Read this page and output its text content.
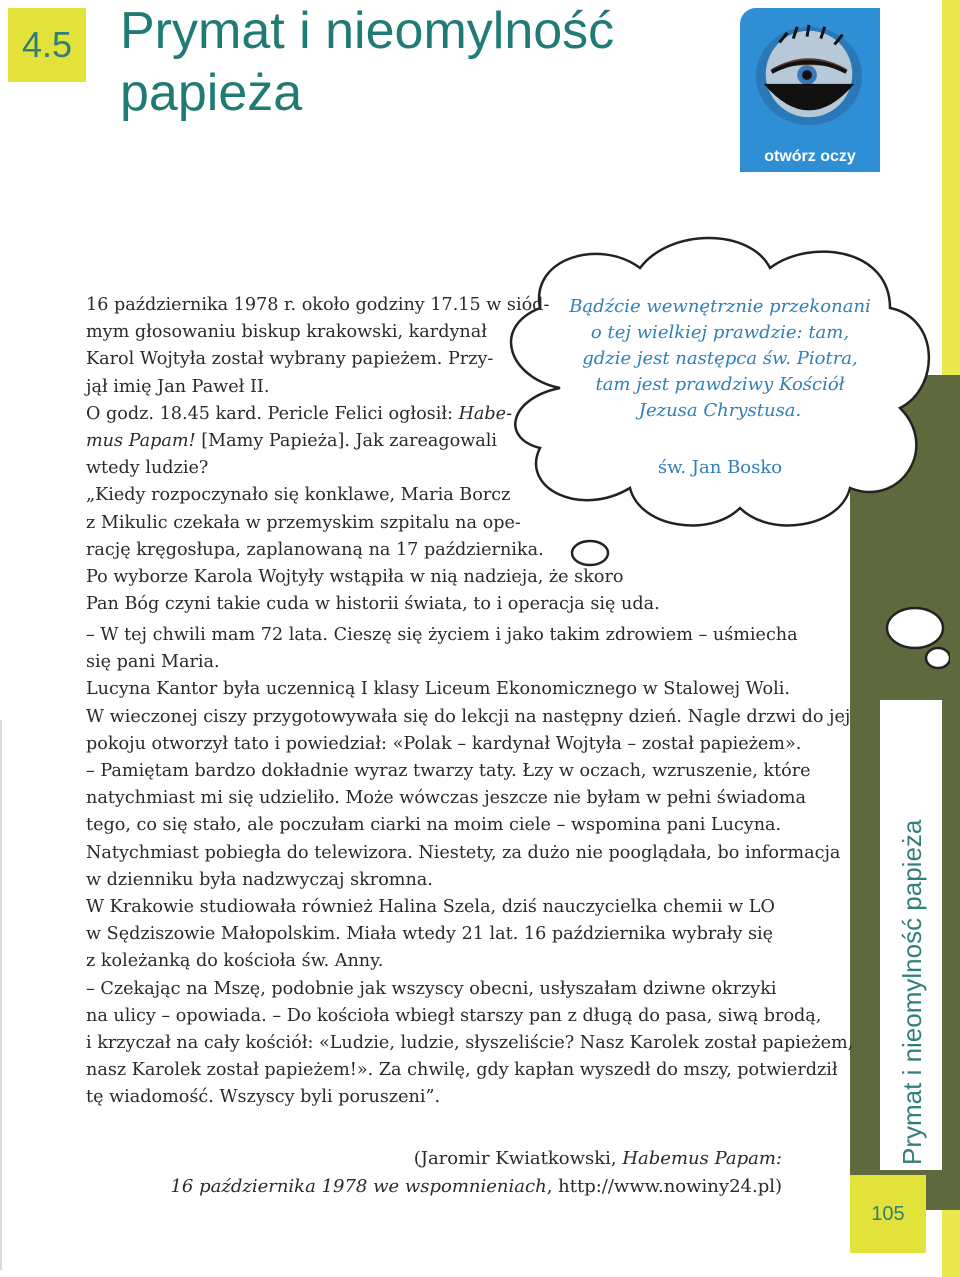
Prymat i nieomylność papieża
105
4.5 Prymat i nieomylność
papieża
otwórz oczy
Bądźcie wewnętrznie przekonani
o tej wielkiej prawdzie: tam,
gdzie jest następca św. Piotra,
tam jest prawdziwy Kościół
Jezusa Chrystusa.
św. Jan Bosko
16 października 1978 r. około godziny 17.15 w siód-
mym głosowaniu biskup krakowski, kardynał
Karol Wojtyła został wybrany papieżem. Przy-
jął imię Jan Paweł II.
O godz. 18.45 kard. Pericle Felici ogłosił: Habe-
mus Papam! [Mamy Papieża]. Jak zareagowali
wtedy ludzie?
„Kiedy rozpoczynało się konklawe, Maria Borcz
z Mikulic czekała w przemyskim szpitalu na ope-
rację kręgosłupa, zaplanowaną na 17 października.
Po wyborze Karola Wojtyły wstąpiła w nią nadzieja, że skoro
Pan Bóg czyni takie cuda w historii świata, to i operacja się uda.
– W tej chwili mam 72 lata. Cieszę się życiem i jako takim zdrowiem – uśmiecha
się pani Maria.
Lucyna Kantor była uczennicą I klasy Liceum Ekonomicznego w Stalowej Woli.
W wieczonej ciszy przygotowywała się do lekcji na następny dzień. Nagle drzwi do jej
pokoju otworzył tato i powiedział: «Polak – kardynał Wojtyła – został papieżem».
– Pamiętam bardzo dokładnie wyraz twarzy taty. Łzy w oczach, wzruszenie, które
natychmiast mi się udzieliło. Może wówczas jeszcze nie byłam w pełni świadoma
tego, co się stało, ale poczułam ciarki na moim ciele – wspomina pani Lucyna.
Natychmiast pobiegła do telewizora. Niestety, za dużo nie pooglądała, bo informacja
w dzienniku była nadzwyczaj skromna.
W Krakowie studiowała również Halina Szela, dziś nauczycielka chemii w LO
w Sędziszowie Małopolskim. Miała wtedy 21 lat. 16 października wybrały się
z koleżanką do kościoła św. Anny.
– Czekając na Mszę, podobnie jak wszyscy obecni, usłyszałam dziwne okrzyki
na ulicy – opowiada. – Do kościoła wbiegł starszy pan z długą do pasa, siwą brodą,
i krzyczał na cały kościół: «Ludzie, ludzie, słyszeliście? Nasz Karolek został papieżem,
nasz Karolek został papieżem!». Za chwilę, gdy kapłan wyszedł do mszy, potwierdził
tę wiadomość. Wszyscy byli poruszeni”.
(Jaromir Kwiatkowski, Habemus Papam:
16 października 1978 we wspomnieniach, http://www.nowiny24.pl)
